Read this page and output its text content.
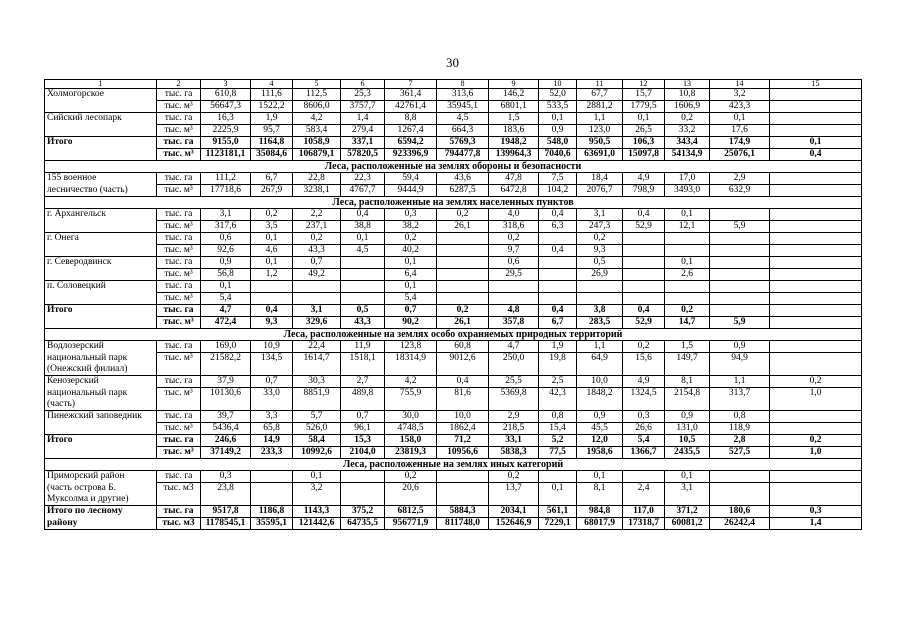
30
1	2	3	4	5	6	7	8	9	10	11	12	13	14	15
Холмогорское	тыс. га	610,8	111,6	112,5	25,3	361,4	313,6	146,2	52,0	67,7	15,7	10,8	3,2	
	тыс. м³	56647,3	1522,2	8606,0	3757,7	42761,4	35945,1	6801,1	533,5	2881,2	1779,5	1606,9	423,3	
Сийский лесопарк	тыс. га	16,3	1,9	4,2	1,4	8,8	4,5	1,5	0,1	1,1	0,1	0,2	0,1	
	тыс. м³	2225,9	95,7	583,4	279,4	1267,4	664,3	183,6	0,9	123,0	26,5	33,2	17,6	
Итого	тыс. га	9155,0	1164,8	1058,9	337,1	6594,2	5769,3	1948,2	548,0	950,5	106,3	343,4	174,9	0,1
	тыс. м³	1123181,1	35084,6	106879,1	57820,5	923396,9	794477,8	139964,3	7040,6	63691,0	15097,8	54134,9	25076,1	0,4
Леса, расположенные на землях обороны и безопасности														
155 военное	тыс. га	111,2	6,7	22,8	22,3	59,4	43,6	47,8	7,5	18,4	4,9	17,0	2,9	
лесничество (часть)	тыс. м³	17718,6	267,9	3238,1	4767,7	9444,9	6287,5	6472,8	104,2	2076,7	798,9	3493,0	632,9	
Леса, расположенные на землях населенных пунктов														
г. Архангельск	тыс. га	3,1	0,2	2,2	0,4	0,3	0,2	4,0	0,4	3,1	0,4	0,1		
	тыс. м³	317,6	3,5	237,1	38,8	38,2	26,1	318,6	6,3	247,3	52,9	12,1	5,9	
г. Онега	тыс. га	0,6	0,1	0,2	0,1	0,2		0,2		0,2				
	тыс. м³	92,6	4,6	43,3	4,5	40,2		9,7	0,4	9,3				
г. Северодвинск	тыс. га	0,9	0,1	0,7		0,1		0,6		0,5		0,1		
	тыс. м³	56,8	1,2	49,2		6,4		29,5		26,9		2,6		
п. Соловецкий	тыс. га	0,1				0,1								
	тыс. м³	5,4				5,4								
Итого	тыс. га	4,7	0,4	3,1	0,5	0,7	0,2	4,8	0,4	3,8	0,4	0,2		
	тыс. м³	472,4	9,3	329,6	43,3	90,2	26,1	357,8	6,7	283,5	52,9	14,7	5,9	
Леса, расположенные на землях особо охраняемых природных территорий														
Водлозерский	тыс. га	169,0	10,9	22,4	11,9	123,8	60,8	4,7	1,9	1,1	0,2	1,5	0,9	
национальный парк (Онежский филиал)	тыс. м³	21582,2	134,5	1614,7	1518,1	18314,9	9012,6	250,0	19,8	64,9	15,6	149,7	94,9	
Кенозерский	тыс. га	37,9	0,7	30,3	2,7	4,2	0,4	25,5	2,5	10,0	4,9	8,1	1,1	0,2
национальный парк (часть)	тыс. м³	10130,6	33,0	8851,9	489,8	755,9	81,6	5369,8	42,3	1848,2	1324,5	2154,8	313,7	1,0
Пинежский заповедник	тыс. га	39,7	3,3	5,7	0,7	30,0	10,0	2,9	0,8	0,9	0,3	0,9	0,8	
	тыс. м³	5436,4	65,8	526,0	96,1	4748,5	1862,4	218,5	15,4	45,5	26,6	131,0	118,9	
Итого	тыс. га	246,6	14,9	58,4	15,3	158,0	71,2	33,1	5,2	12,0	5,4	10,5	2,8	0,2
	тыс. м³	37149,2	233,3	10992,6	2104,0	23819,3	10956,6	5838,3	77,5	1958,6	1366,7	2435,5	527,5	1,0
Леса, расположенные на землях иных категорий														
Приморский район	тыс. га	0,3		0,1		0,2		0,2		0,1		0,1		
(часть острова Б. Муксолма и другие)	тыс. м3	23,8		3,2		20,6		13,7	0,1	8,1	2,4	3,1		
Итого по лесному	тыс. га	9517,8	1186,8	1143,3	375,2	6812,5	5884,3	2034,1	561,1	984,8	117,0	371,2	180,6	0,3
району	тыс. м3	1178545,1	35595,1	121442,6	64735,5	956771,9	811748,0	152646,9	7229,1	68017,9	17318,7	60081,2	26242,4	1,4
